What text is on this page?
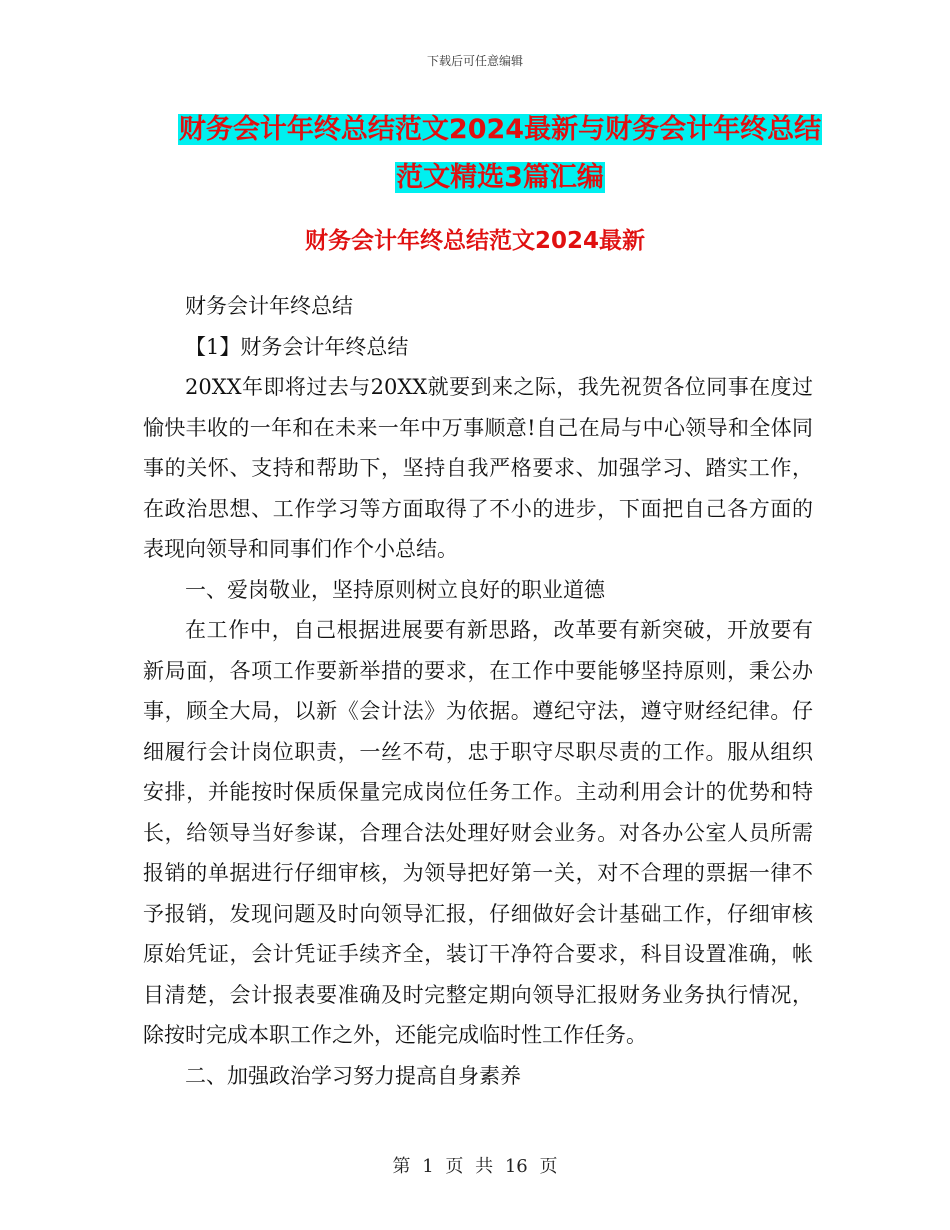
下载后可任意编辑
财务会计年终总结范文2024最新与财务会计年终总结
范文精选3篇汇编
财务会计年终总结范文2024最新

财务会计年终总结

【1】财务会计年终总结

20XX年即将过去与20XX就要到来之际，我先祝贺各位同事在度过愉快丰收的一年和在未来一年中万事顺意!自己在局与中心领导和全体同事的关怀、支持和帮助下，坚持自我严格要求、加强学习、踏实工作，在政治思想、工作学习等方面取得了不小的进步，下面把自己各方面的表现向领导和同事们作个小总结。

一、爱岗敬业，坚持原则树立良好的职业道德

在工作中，自己根据进展要有新思路，改革要有新突破，开放要有新局面，各项工作要新举措的要求，在工作中要能够坚持原则，秉公办事，顾全大局，以新《会计法》为依据。遵纪守法，遵守财经纪律。仔细履行会计岗位职责，一丝不苟，忠于职守尽职尽责的工作。服从组织安排，并能按时保质保量完成岗位任务工作。主动利用会计的优势和特长，给领导当好参谋，合理合法处理好财会业务。对各办公室人员所需报销的单据进行仔细审核，为领导把好第一关，对不合理的票据一律不予报销，发现问题及时向领导汇报，仔细做好会计基础工作，仔细审核原始凭证，会计凭证手续齐全，装订干净符合要求，科目设置准确，帐目清楚，会计报表要准确及时完整定期向领导汇报财务业务执行情况，除按时完成本职工作之外，还能完成临时性工作任务。

二、加强政治学习努力提高自身素养

第 1 页 共 16 页
